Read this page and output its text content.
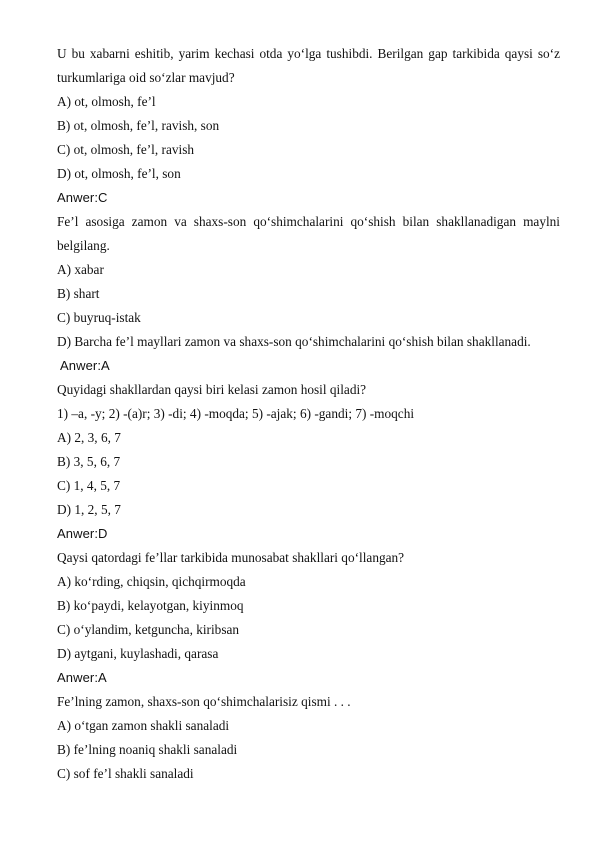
U bu xabarni eshitib, yarim kechasi otda yoʻlga tushibdi. Berilgan gap tarkibida qaysi soʻz turkumlariga oid soʻzlar mavjud?

A) ot, olmosh, fe’l

B) ot, olmosh, fe’l, ravish, son

C) ot, olmosh, fe’l, ravish

D) ot, olmosh, fe’l, son

Anwer:C

Fe’l asosiga zamon va shaxs-son qoʻshimchalarini qoʻshish bilan shakllanadigan maylni belgilang.

A) xabar

B) shart

C) buyruq-istak

D) Barcha fe’l mayllari zamon va shaxs-son qoʻshimchalarini qoʻshish bilan shakllanadi.

Anwer:A

Quyidagi shakllardan qaysi biri kelasi zamon hosil qiladi?

1) –a, -y; 2) -(a)r; 3) -di; 4) -moqda; 5) -ajak; 6) -gandi; 7) -moqchi

A) 2, 3, 6, 7

B) 3, 5, 6, 7

C) 1, 4, 5, 7

D) 1, 2, 5, 7

Anwer:D

Qaysi qatordagi fe’llar tarkibida munosabat shakllari qoʻllangan?

A) koʻrding, chiqsin, qichqirmoqda

B) koʻpaydi, kelayotgan, kiyinmoq

C) oʻylandim, ketguncha, kiribsan

D) aytgani, kuylashadi, qarasa

Anwer:A

Fe’lning zamon, shaxs-son qoʻshimchalarisiz qismi . . .

A) oʻtgan zamon shakli sanaladi

B) fe’lning noaniq shakli sanaladi

C) sof fe’l shakli sanaladi
